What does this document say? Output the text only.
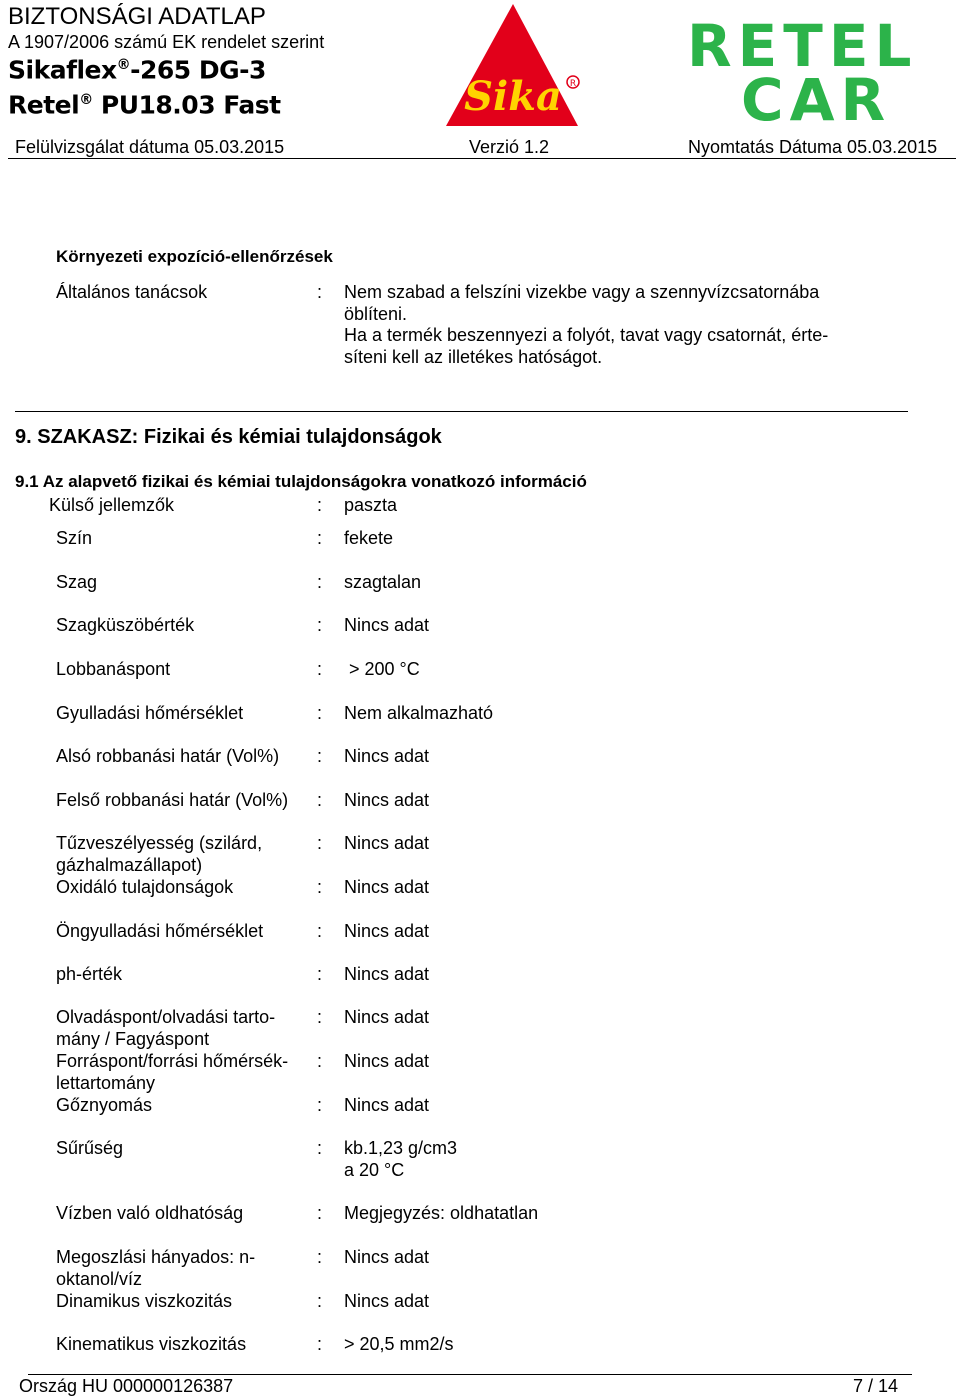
BIZTONSÁGI ADATLAP
A 1907/2006 számú EK rendelet szerint
Sikaflex®-265 DG-3
Retel® PU18.03 Fast	Sika R
RETEL
CAR
Felülvizsgálat dátuma 05.03.2015	Verzió 1.2	Nyomtatás Dátuma 05.03.2015
Környezeti expozíció-ellenőrzések
Általános tanácsok	: Nem szabad a felszíni vizekbe vagy a szennyvízcsatornába
öblíteni.
Ha a termék beszennyezi a folyót, tavat vagy csatornát, érte-
síteni kell az illetékes hatóságot.
9. SZAKASZ: Fizikai és kémiai tulajdonságok
9.1 Az alapvető fizikai és kémiai tulajdonságokra vonatkozó információ
Külső jellemzők	: paszta
Szín	: fekete
Szag	: szagtalan
Szagküszöbérték	: Nincs adat
Lobbanáspont	: > 200 °C
Gyulladási hőmérséklet	: Nem alkalmazható
Alsó robbanási határ (Vol%)	: Nincs adat
Felső robbanási határ (Vol%)	: Nincs adat
Tűzveszélyesség (szilárd,
gázhalmazállapot)
: Nincs adat
Oxidáló tulajdonságok	: Nincs adat
Öngyulladási hőmérséklet	: Nincs adat
ph-érték	: Nincs adat
Olvadáspont/olvadási tarto-
mány / Fagyáspont
: Nincs adat
Forráspont/forrási hőmérsék-
lettartomány
: Nincs adat
Gőznyomás	: Nincs adat
Sűrűség	: kb.1,23 g/cm3
a 20 °C
Vízben való oldhatóság	: Megjegyzés: oldhatatlan
Megoszlási hányados: n-
oktanol/víz
: Nincs adat
Dinamikus viszkozitás	: Nincs adat
Kinematikus viszkozitás	: > 20,5 mm2/s
Ország HU 000000126387	7 / 14
